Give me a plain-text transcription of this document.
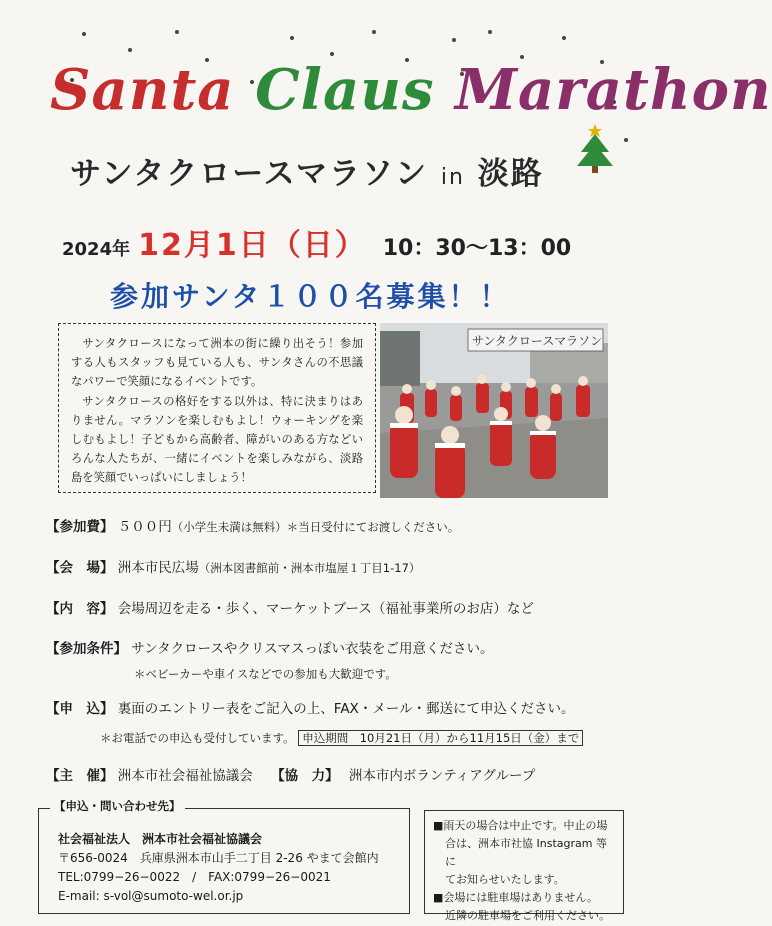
Santa Claus Marathon
サンタクロースマラソン in 淡路
2024年 12月1日（日） 10：30〜13：00
参加サンタ１００名募集！！

サンタクロースになって洲本の街に繰り出そう！参加する人もスタッフも見ている人も、サンタさんの不思議なパワーで笑顔になるイベントです。

サンタクロースの格好をする以外は、特に決まりはありません。マラソンを楽しむもよし！ウォーキングを楽しむもよし！子どもから高齢者、障がいのある方などいろんな人たちが、一緒にイベントを楽しみながら、淡路島を笑顔でいっぱいにしましょう！

サンタクロースマラソン
【参加費】 ５００円（小学生未満は無料）＊当日受付にてお渡しください。
【会　場】 洲本市民広場（洲本図書館前・洲本市塩屋１丁目1-17）
【内　容】 会場周辺を走る・歩く、マーケットブース（福祉事業所のお店）など
【参加条件】 サンタクロースやクリスマスっぽい衣装をご用意ください。
＊ベビーカーや車イスなどでの参加も大歓迎です。
【申　込】 裏面のエントリー表をご記入の上、FAX・メール・郵送にて申込ください。
＊お電話での申込も受付しています。 申込期間　10月21日（月）から11月15日（金）まで
【主　催】 洲本市社会福祉協議会 【協　力】 洲本市内ボランティアグループ
【申込・問い合わせ先】
社会福祉法人　洲本市社会福祉協議会
〒656-0024　兵庫県洲本市山手二丁目 2-26 やまて会館内
TEL:0799−26−0022　/　FAX:0799−26−0021
E-mail: s-vol@sumoto-wel.or.jp

■雨天の場合は中止です。中止の場

合は、洲本市社協 Instagram 等に

てお知らせいたします。

■会場には駐車場はありません。

近隣の駐車場をご利用ください。
